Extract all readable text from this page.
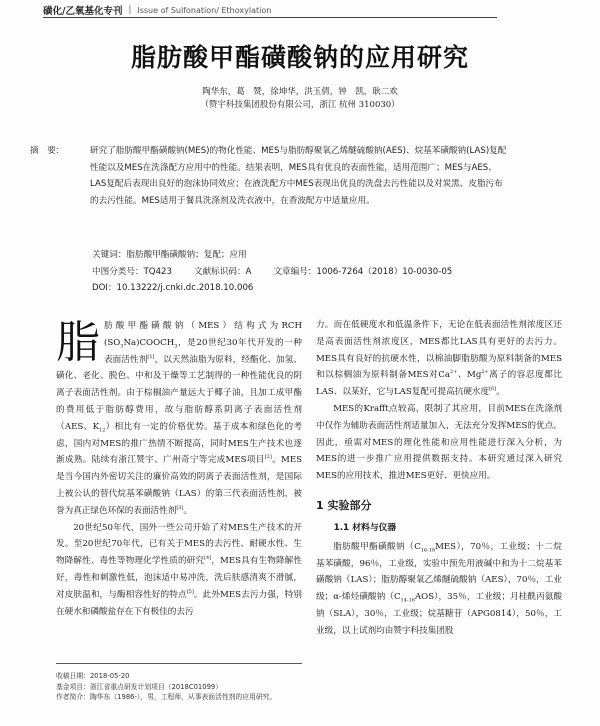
磺化/乙氧基化专刊 | Issue of Sulfonation/ Ethoxylation
脂肪酸甲酯磺酸钠的应用研究
陶华东，葛　赞，徐坤华，洪玉倩，钟　凯，耿二欢
（赞宇科技集团股份有限公司，浙江 杭州 310030）
摘　要：	研究了脂肪酸甲酯磺酸钠(MES)的物化性能、MES与脂肪醇聚氧乙烯醚硫酸钠(AES)、烷基苯磺酸钠(LAS)复配性能以及MES在洗涤配方应用中的性能。结果表明，MES具有优良的表面性能，适用范围广；MES与AES、LAS复配后表现出良好的泡沫协同效应；在液洗配方中MES表现出优良的洗盘去污性能以及对炭黑、皮脂污布的去污性能。MES适用于餐具洗涤剂及洗衣液中，在香波配方中适量应用。
关键词：脂肪酸甲酯磺酸钠；复配；应用
中图分类号：TQ423	文献标识码：A	文章编号：1006-7264（2018）10-0030-05
DOI：10.13222/j.cnki.dc.2018.10.006

脂肪酸甲酯磺酸钠（MES）结构式为RCH $(SO_3Na)COOCH_3$，是20世纪30年代开发的一种表面活性剂[1]，以天然油脂为原料，经酯化、加氢、磺化、老化、脱色、中和及干燥等工艺制得的一种性能优良的阴离子表面活性剂。由于棕榈油产量远大于椰子油，且加工成甲酯的费用低于脂肪醇费用，故与脂肪醇系阴离子表面活性剂（AES、$K_{12}$）相比有一定的价格优势。基于成本和绿色化的考虑，国内对MES的推广热情不断提高，同时MES生产技术也逐渐成熟。陆续有浙江赞宇、广州奇宁等完成MES项目[2]。MES是当今国内外密切关注的廉价高效的阴离子表面活性剂，是国际上被公认的替代烷基苯磺酸钠（LAS）的第三代表面活性剂，被誉为真正绿色环保的表面活性剂[3]。

20世纪50年代，国外一些公司开始了对MES生产技术的开发。至20世纪70年代，已有关于MES的去污性、耐硬水性、生物降解性、毒性等物理化学性质的研究[4]，MES具有生物降解性好，毒性和刺激性低，泡沫适中易冲洗，洗后肤感清爽不滑腻，对皮肤温和，与酶相容性好的特点[5]。此外MES去污力强，特别在硬水和磷酸盐存在下有极佳的去污

力。而在低硬度水和低温条件下，无论在低表面活性剂浓度区还是高表面活性剂浓度区，MES都比LAS具有更好的去污力。MES具有良好的抗硬水性，以棉油脚脂肪酸为原料制备的MES和以棕榈油为原料制备MES对$Ca^{2+}$、$Mg^{2+}$离子的容忍度都比LAS、以某好，它与LAS复配可提高抗硬水度[6]。

MES的Krafft点较高，限制了其应用，目前MES在洗涤剂中仅作为辅助表面活性剂适量加入，无法充分发挥MES的优点。因此，亟需对MES的理化性能和应用性能进行深入分析，为MES的进一步推广应用提供数据支持。本研究通过深入研究MES的应用技术，推进MES更好、更快应用。

1 实验部分

1.1 材料与仪器

脂肪酸甲酯磺酸钠$(C_{16-18}MES)$，70％，工业级；十二烷基苯磺酸，96％，工业级，实验中预先用液碱中和为十二烷基苯磺酸钠（LAS）；脂肪醇聚氧乙烯醚硫酸钠（AES），70％，工业级；α-烯烃磺酸钠$(C_{14-16}AOS)$，35％，工业级；月桂酰丙氨酸钠（SLA），30％，工业级；烷基糖苷（APG0814），50％，工业级，以上试剂均由赞宇科技集团股

收稿日期：2018-05-20
基金项目：浙江省重点研发计划项目（2018C01099）
作者简介：陶华东（1986-），男，工程师，从事表面活性剂的应用研究。
